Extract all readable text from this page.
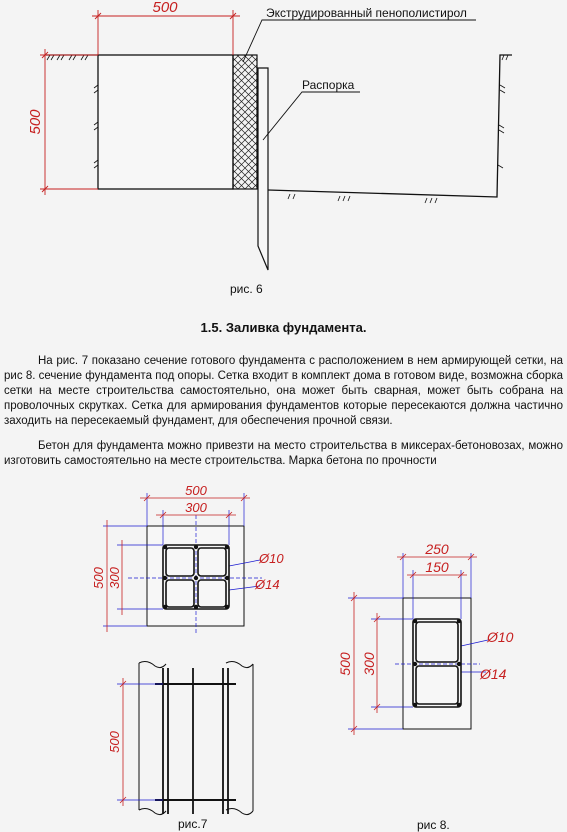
500
500
Экструдированный пенополистирол
Распорка
500
300
500 300
Ø10
Ø14
500
250
150
500 300
Ø10
Ø14
рис. 6
1.5. Заливка фундамента.

На рис. 7 показано сечение готового фундамента с расположением в нем армирующей сетки, на рис 8. сечение фундамента под опоры. Сетка входит в комплект дома в готовом виде, возможна сборка сетки на месте строительства самостоятельно, она может быть сварная, может быть собрана на проволочных скрутках. Сетка для армирования фундаментов которые пересекаются должна частично заходить на пересекаемый фундамент, для обеспечения прочной связи.

Бетон для фундамента можно привезти на место строительства в миксерах-бетоновозах, можно изготовить самостоятельно на месте строительства. Марка бетона по прочности

рис.7	рис 8.
